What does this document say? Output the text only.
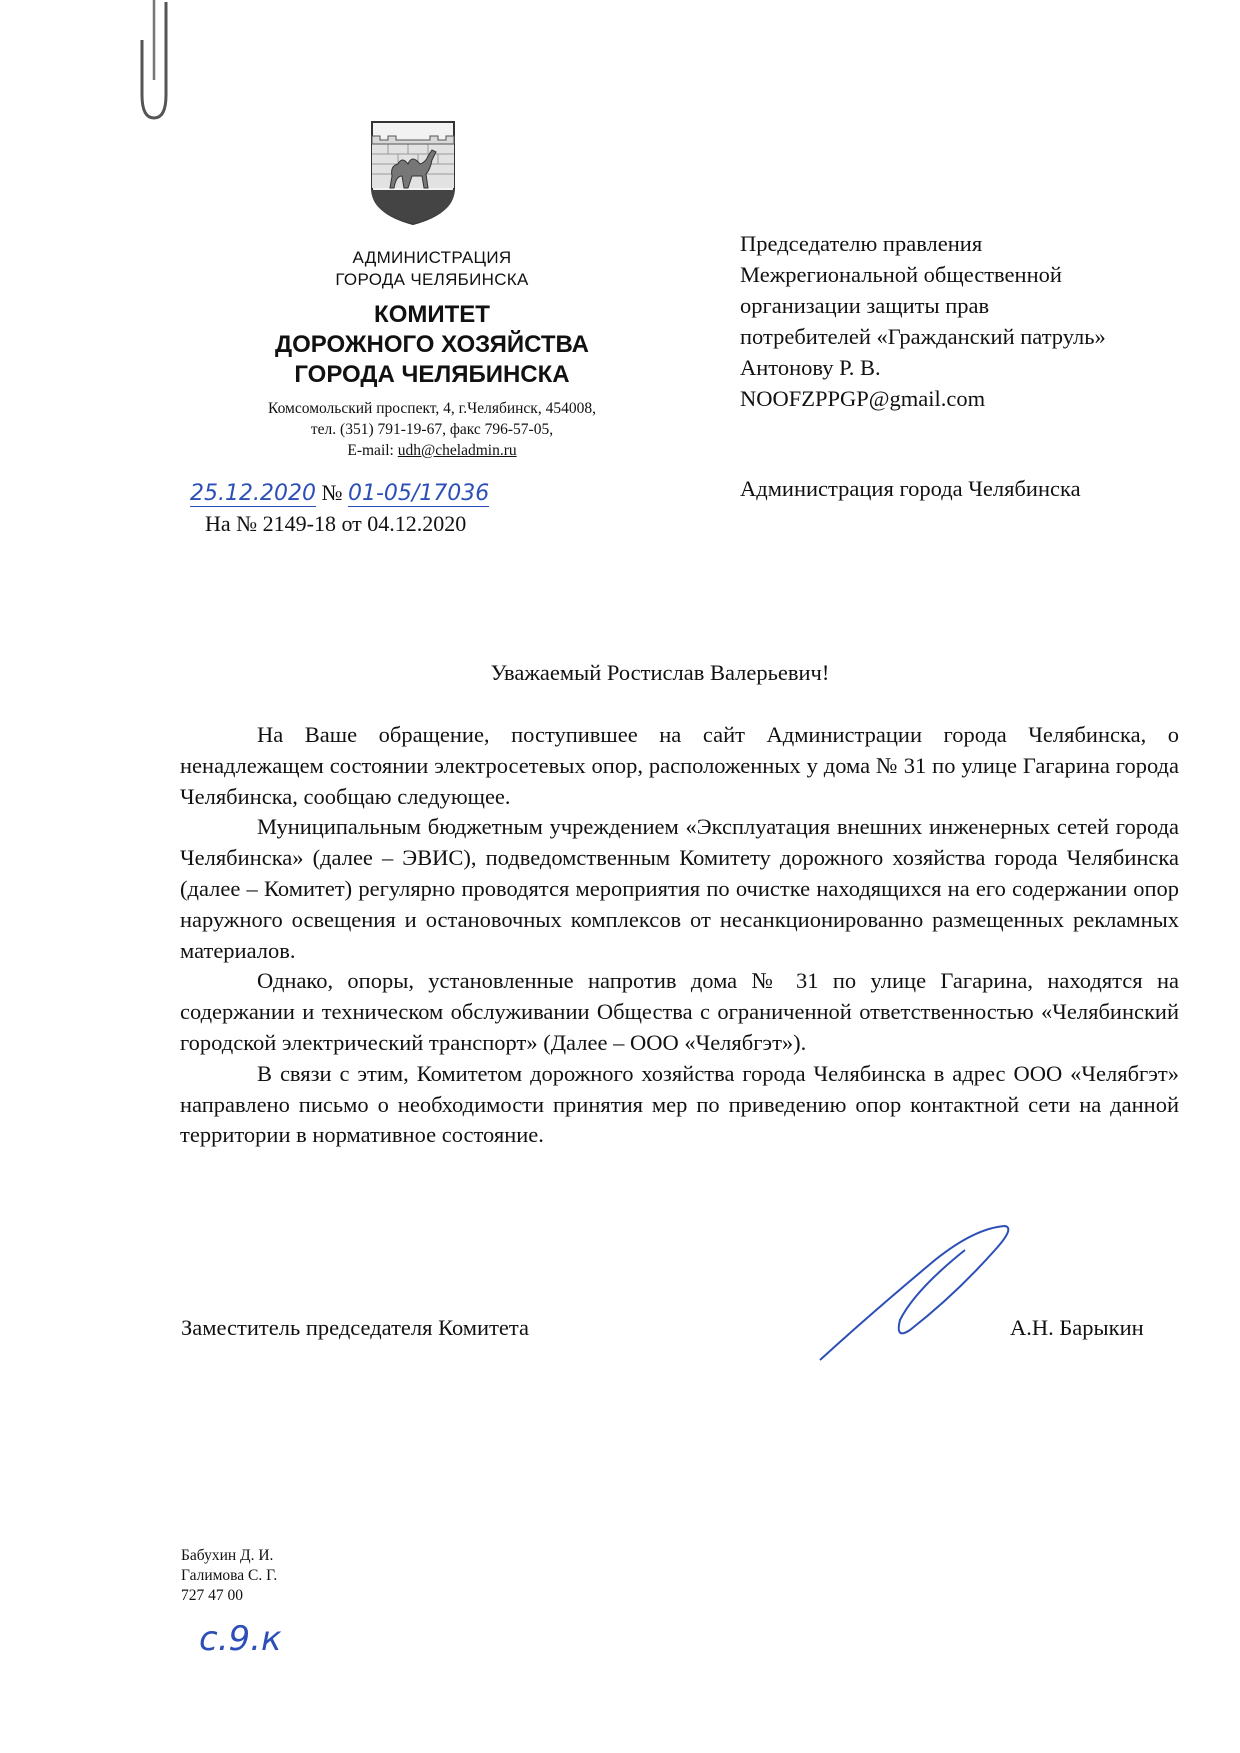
АДМИНИСТРАЦИЯ
ГОРОДА ЧЕЛЯБИНСКА
КОМИТЕТ
ДОРОЖНОГО ХОЗЯЙСТВА
ГОРОДА ЧЕЛЯБИНСКА
Комсомольский проспект, 4, г.Челябинск, 454008,
тел. (351) 791-19-67, факс 796-57-05,
E-mail: udh@cheladmin.ru
25.12.2020 № 01-05/17036
На № 2149-18 от 04.12.2020
Председателю правления
Межрегиональной общественной
организации защиты прав
потребителей «Гражданский патруль»
Антонову Р. В.
NOOFZPPGP@gmail.com
Администрация города Челябинска
Уважаемый Ростислав Валерьевич!

На Ваше обращение, поступившее на сайт Администрации города Челябинска, о ненадлежащем состоянии электросетевых опор, расположенных у дома № 31 по улице Гагарина города Челябинска, сообщаю следующее.

Муниципальным бюджетным учреждением «Эксплуатация внешних инженерных сетей города Челябинска» (далее – ЭВИС), подведомственным Комитету дорожного хозяйства города Челябинска (далее – Комитет) регулярно проводятся мероприятия по очистке находящихся на его содержании опор наружного освещения и остановочных комплексов от несанкционированно размещенных рекламных материалов.

Однако, опоры, установленные напротив дома № 31 по улице Гагарина, находятся на содержании и техническом обслуживании Общества с ограниченной ответственностью «Челябинский городской электрический транспорт» (Далее – ООО «Челябгэт»).

В связи с этим, Комитетом дорожного хозяйства города Челябинска в адрес ООО «Челябгэт» направлено письмо о необходимости принятия мер по приведению опор контактной сети на данной территории в нормативное состояние.

Заместитель председателя Комитета	А.Н. Барыкин
Бабухин Д. И.
Галимова С. Г.
727 47 00
с.9.к
